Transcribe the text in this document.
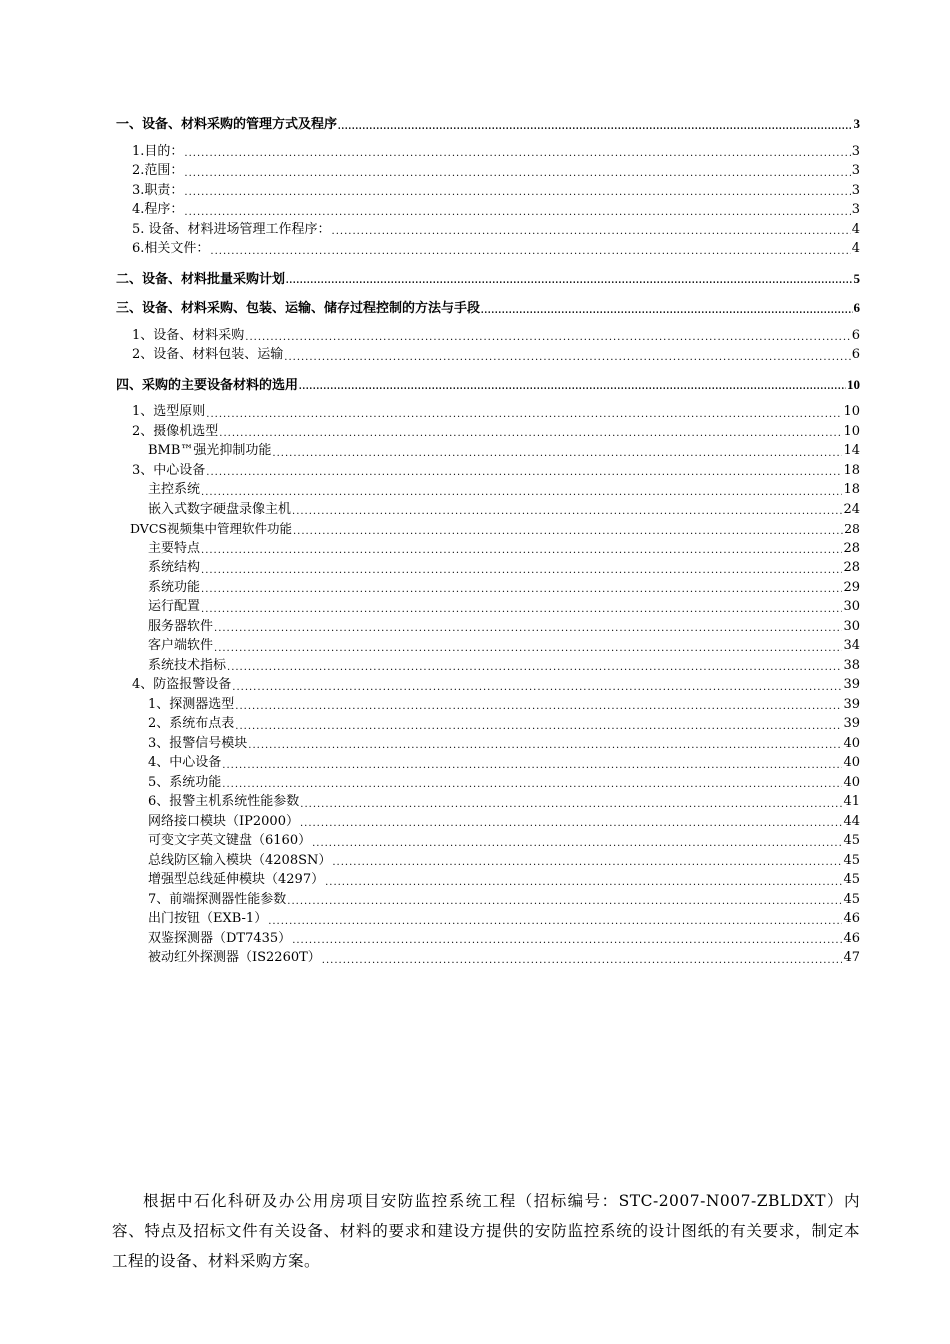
一、设备、材料采购的管理方式及程序 .....	3
1.目的： .....	3
2.范围： .....	3
3.职责： .....	3
4.程序： .....	3
5. 设备、材料进场管理工作程序： .....	4
6.相关文件： .....	4
二、设备、材料批量采购计划 .....	5
三、设备、材料采购、包装、运输、储存过程控制的方法与手段 .....	6
1、设备、材料采购 .....	6
2、设备、材料包装、运输 .....	6
四、采购的主要设备材料的选用 .....	10
1、选型原则 .....	10
2、摄像机选型 .....	10
BMB™强光抑制功能 .....	14
3、中心设备 .....	18
主控系统 .....	18
嵌入式数字硬盘录像主机 .....	24
DVCS视频集中管理软件功能 .....	28
主要特点 .....	28
系统结构 .....	28
系统功能 .....	29
运行配置 .....	30
服务器软件 .....	30
客户端软件 .....	34
系统技术指标 .....	38
4、防盗报警设备 .....	39
1、探测器选型 .....	39
2、系统布点表 .....	39
3、报警信号模块 .....	40
4、中心设备 .....	40
5、系统功能 .....	40
6、报警主机系统性能参数 .....	41
网络接口模块（IP2000） .....	44
可变文字英文键盘（6160） .....	45
总线防区输入模块（4208SN） .....	45
增强型总线延伸模块（4297） .....	45
7、前端探测器性能参数 .....	45
出门按钮（EXB-1） .....	46
双鉴探测器（DT7435） .....	46
被动红外探测器（IS2260T） .....	47

根据中石化科研及办公用房项目安防监控系统工程（招标编号：STC-2007-N007-ZBLDXT）内容、特点及招标文件有关设备、材料的要求和建设方提供的安防监控系统的设计图纸的有关要求，制定本工程的设备、材料采购方案。
